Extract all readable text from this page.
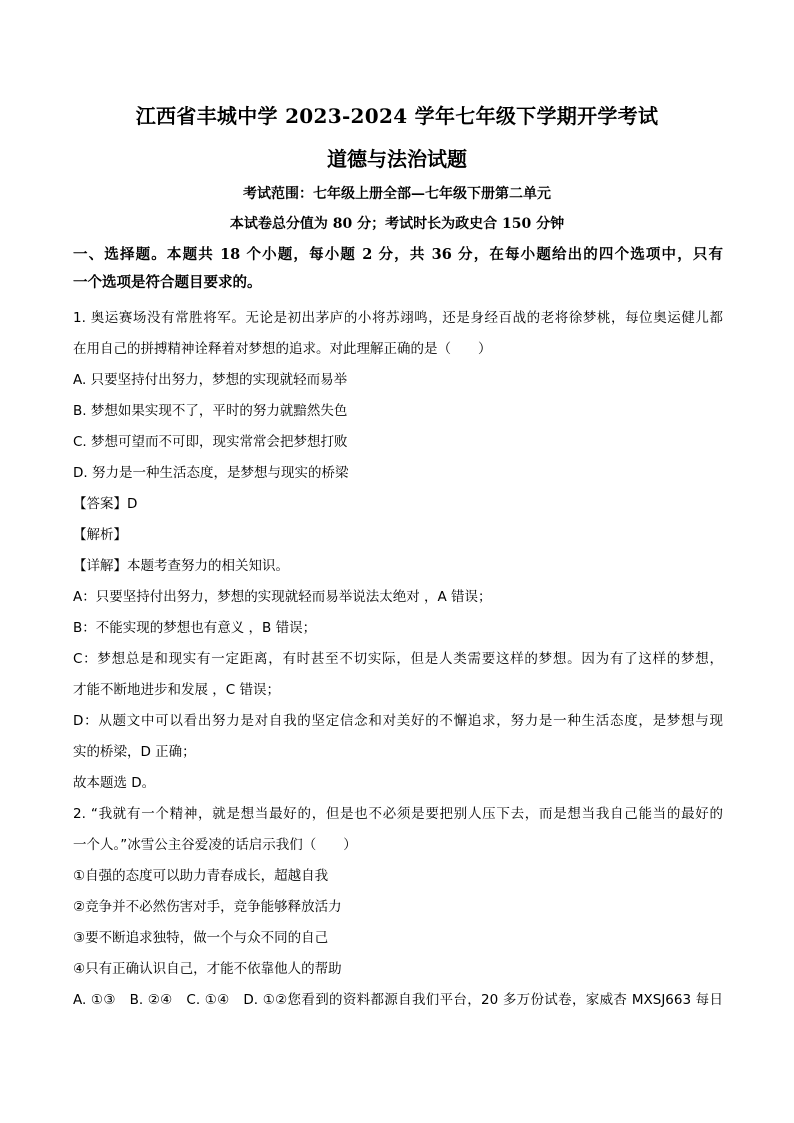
江西省丰城中学 2023-2024 学年七年级下学期开学考试

道德与法治试题

考试范围：七年级上册全部—七年级下册第二单元

本试卷总分值为 80 分；考试时长为政史合 150 分钟

一、选择题。本题共 18 个小题，每小题 2 分，共 36 分，在每小题给出的四个选项中，只有
一个选项是符合题目要求的。

1. 奥运赛场没有常胜将军。无论是初出茅庐的小将苏翊鸣，还是身经百战的老将徐梦桃，每位奥运健儿都

在用自己的拼搏精神诠释着对梦想的追求。对此理解正确的是（　　）

A. 只要坚持付出努力，梦想的实现就轻而易举

B. 梦想如果实现不了，平时的努力就黯然失色

C. 梦想可望而不可即，现实常常会把梦想打败

D. 努力是一种生活态度，是梦想与现实的桥梁

【答案】D

【解析】

【详解】本题考查努力的相关知识。

A：只要坚持付出努力，梦想的实现就轻而易举说法太绝对 ，A 错误；

B：不能实现的梦想也有意义 ，B 错误；

C：梦想总是和现实有一定距离，有时甚至不切实际，但是人类需要这样的梦想。因为有了这样的梦想，

才能不断地进步和发展 ，C 错误；

D：从题文中可以看出努力是对自我的坚定信念和对美好的不懈追求，努力是一种生活态度，是梦想与现

实的桥梁，D 正确；

故本题选 D。

2. “我就有一个精神，就是想当最好的，但是也不必须是要把别人压下去，而是想当我自己能当的最好的

一个人。”冰雪公主谷爱凌的话启示我们（　　）

①自强的态度可以助力青春成长，超越自我

②竞争并不必然伤害对手，竞争能够释放活力

③要不断追求独特，做一个与众不同的自己

④只有正确认识自己，才能不依靠他人的帮助

A. ①③　B. ②④　C. ①④　D. ①②您看到的资料都源自我们平台，20 多万份试卷，家威杏 MXSJ663 每日
